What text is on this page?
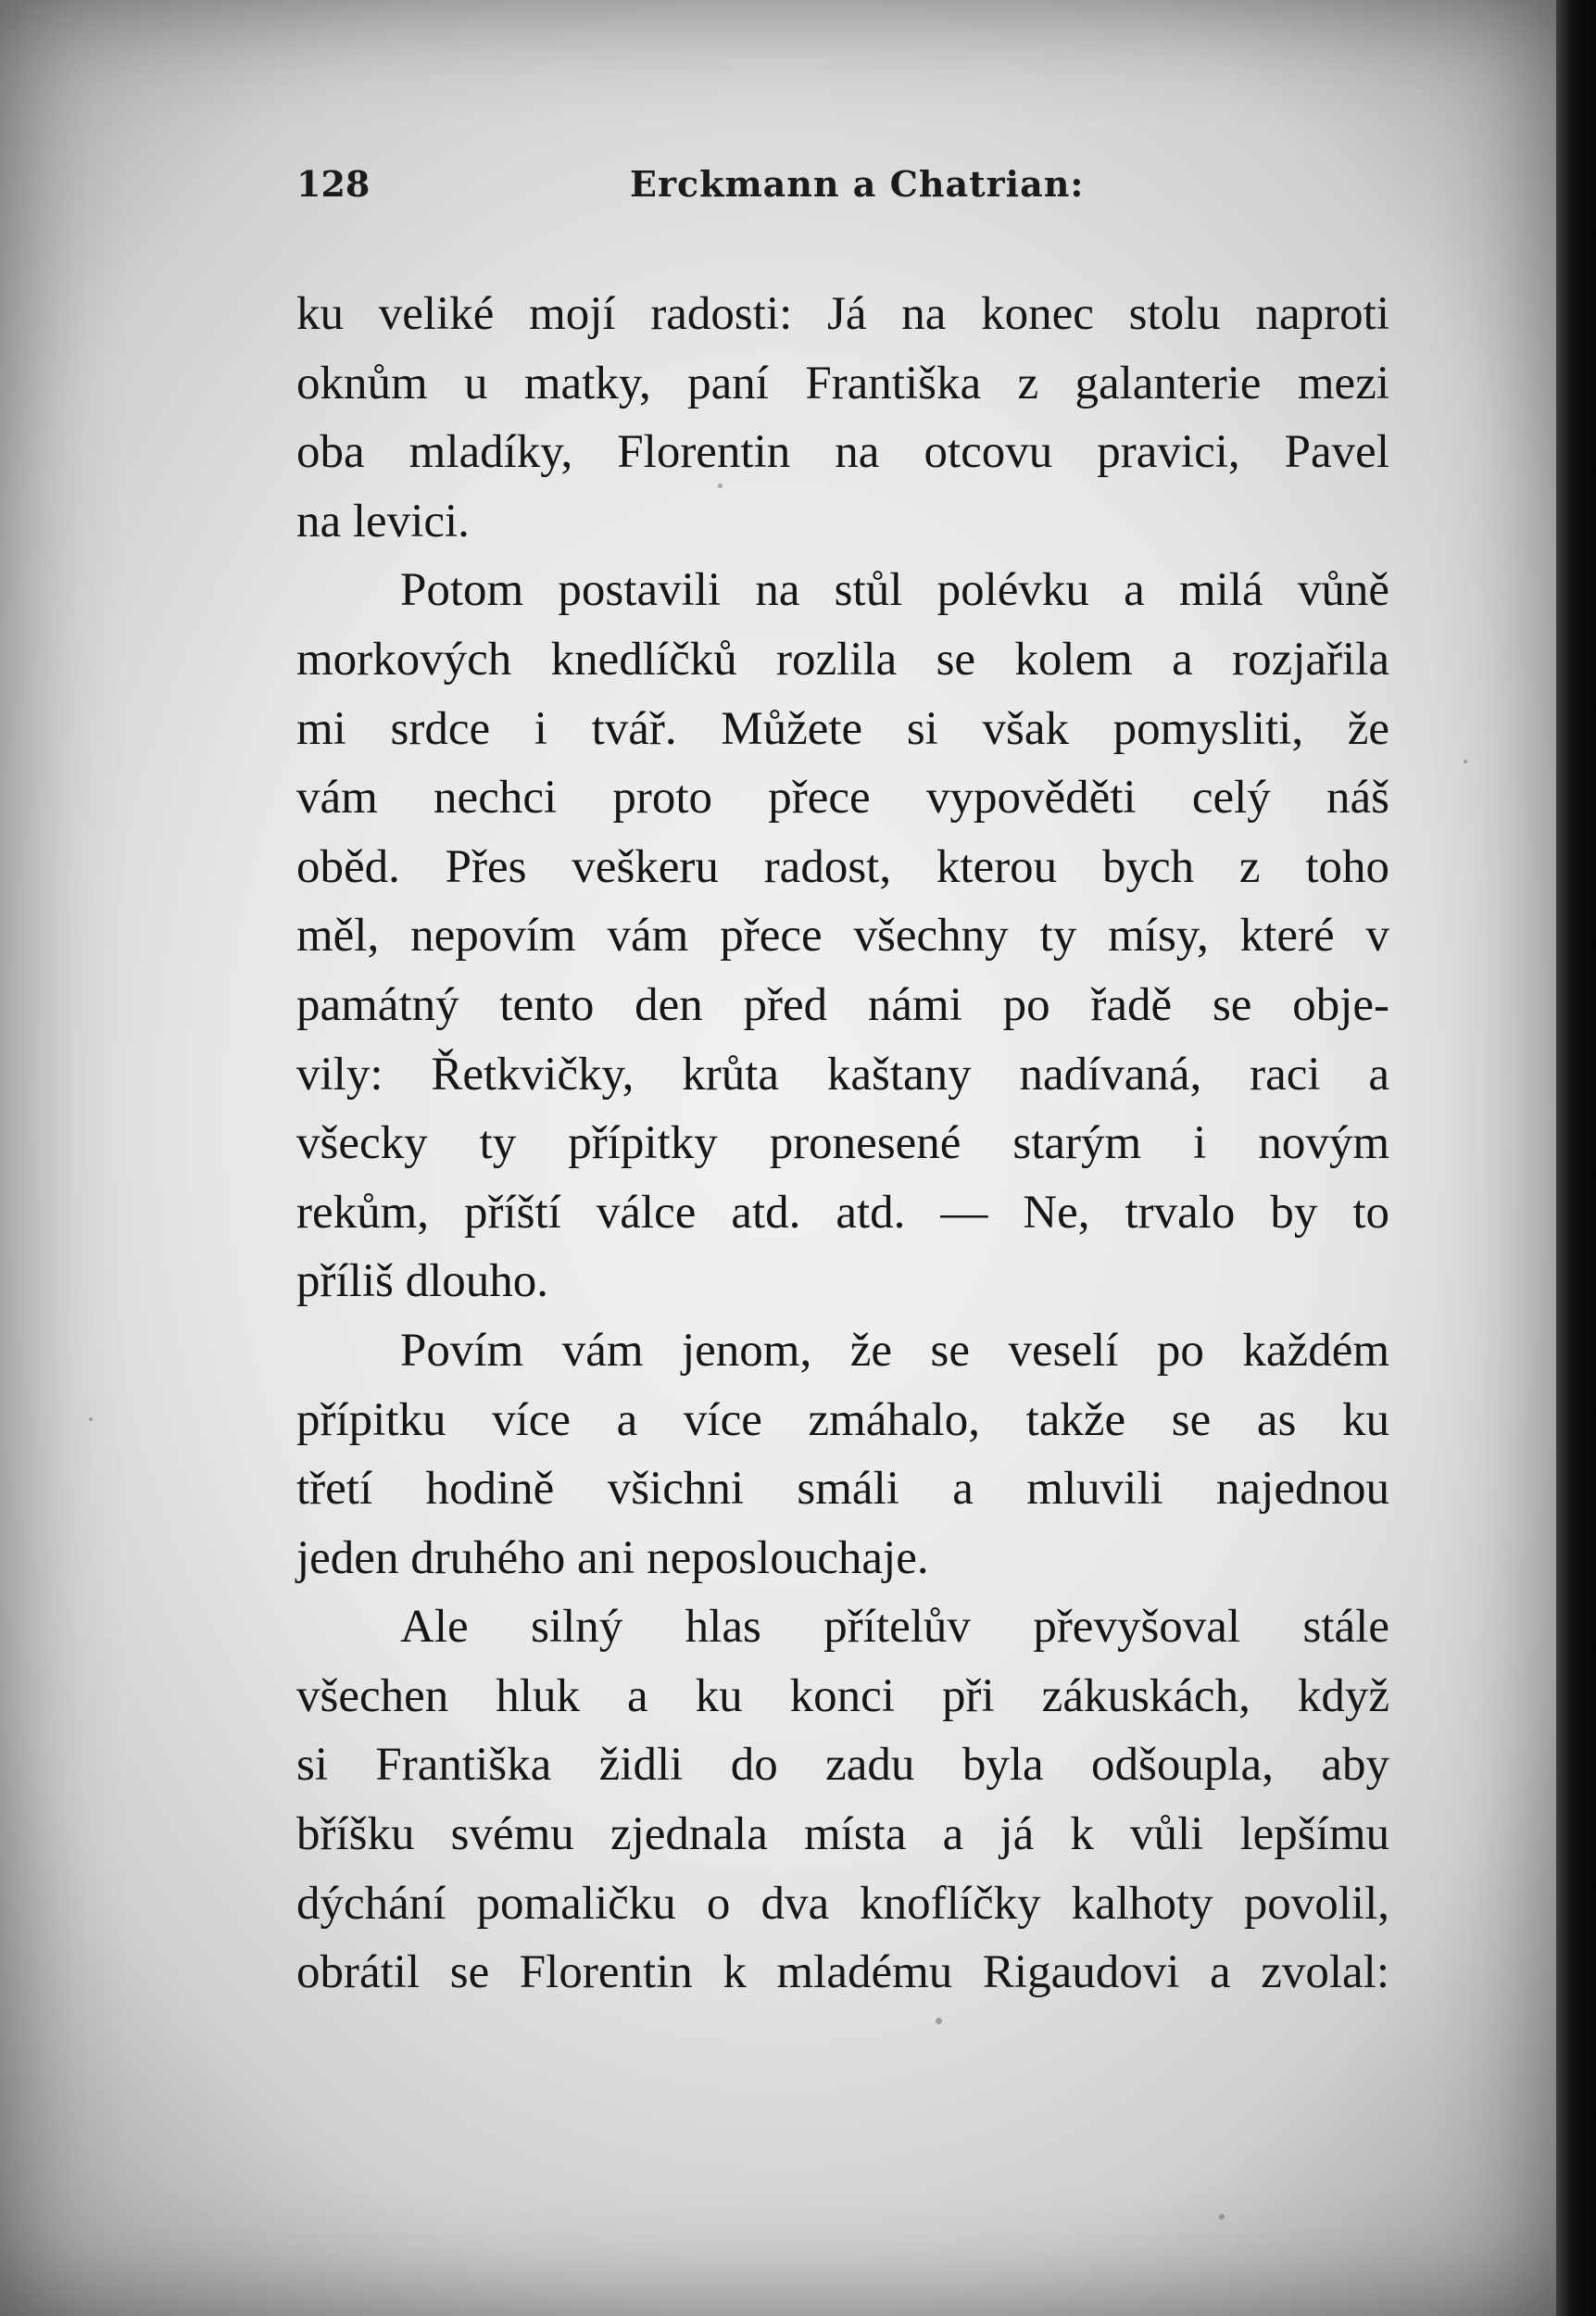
128	Erckmann a Chatrian:
ku veliké mojí radosti: Já na konec stolu naproti
oknům u matky, paní Františka z galanterie mezi
oba mladíky, Florentin na otcovu pravici, Pavel
na levici.
Potom postavili na stůl polévku a milá vůně
morkových knedlíčků rozlila se kolem a rozjařila
mi srdce i tvář. Můžete si však pomysliti, že
vám nechci proto přece vypověděti celý náš
oběd. Přes veškeru radost, kterou bych z toho
měl, nepovím vám přece všechny ty mísy, které v
památný tento den před námi po řadě se obje-
vily: Řetkvičky, krůta kaštany nadívaná, raci a
všecky ty přípitky pronesené starým i novým
rekům, příští válce atd. atd. — Ne, trvalo by to
příliš dlouho.
Povím vám jenom, že se veselí po každém
přípitku více a více zmáhalo, takže se as ku
třetí hodině všichni smáli a mluvili najednou
jeden druhého ani neposlouchaje.
Ale silný hlas přítelův převyšoval stále
všechen hluk a ku konci při zákuskách, když
si Františka židli do zadu byla odšoupla, aby
bříšku svému zjednala místa a já k vůli lepšímu
dýchání pomaličku o dva knoflíčky kalhoty povolil,
obrátil se Florentin k mladému Rigaudovi a zvolal:
